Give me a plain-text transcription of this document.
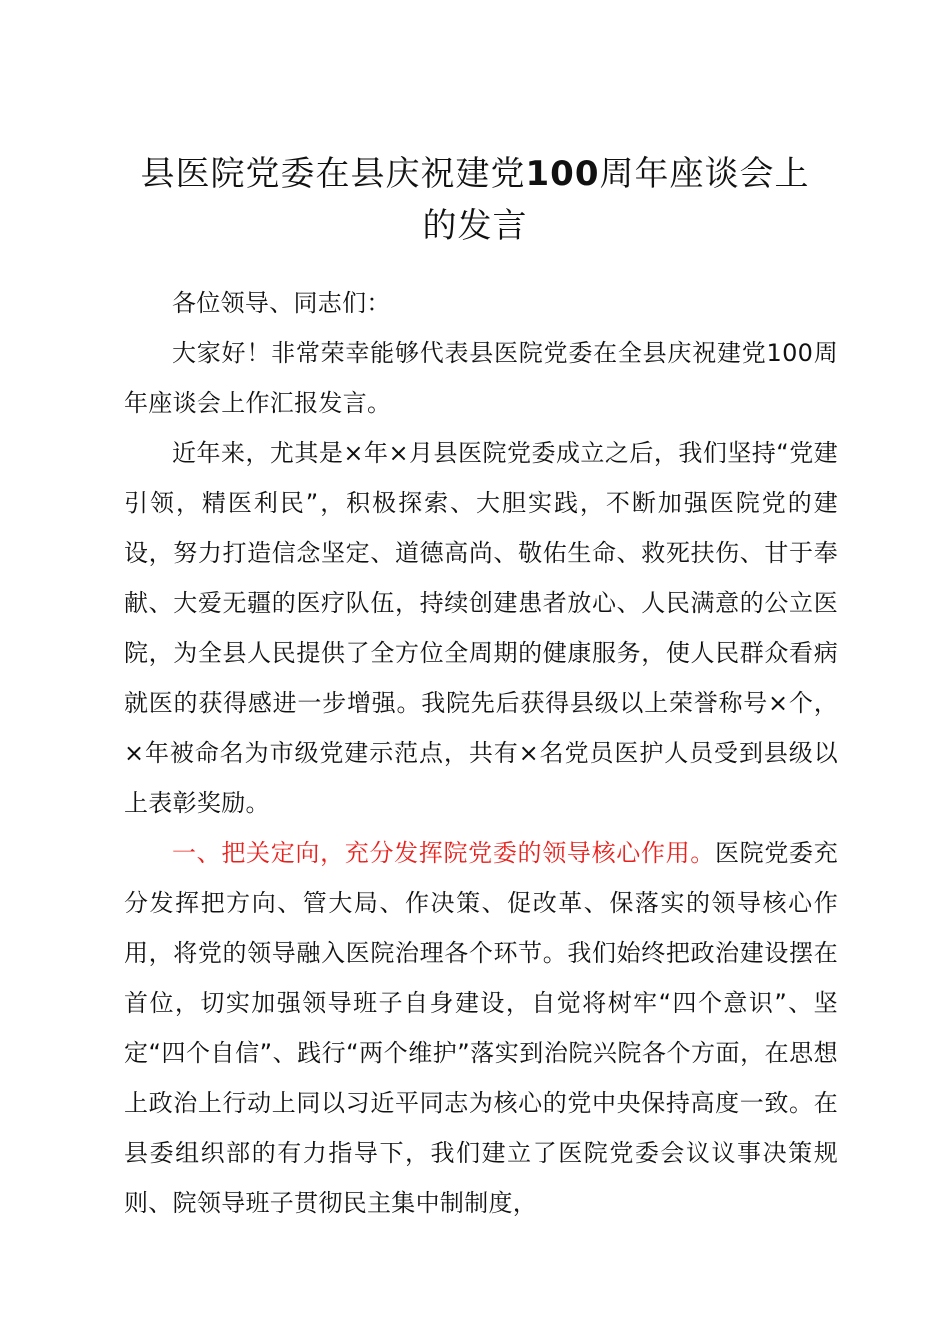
县医院党委在县庆祝建党100周年座谈会上
的发言

各位领导、同志们：

大家好！非常荣幸能够代表县医院党委在全县庆祝建党100周年座谈会上作汇报发言。

近年来，尤其是×年×月县医院党委成立之后，我们坚持“党建引领，精医利民”，积极探索、大胆实践，不断加强医院党的建设，努力打造信念坚定、道德高尚、敬佑生命、救死扶伤、甘于奉献、大爱无疆的医疗队伍，持续创建患者放心、人民满意的公立医院，为全县人民提供了全方位全周期的健康服务，使人民群众看病就医的获得感进一步增强。我院先后获得县级以上荣誉称号×个，×年被命名为市级党建示范点，共有×名党员医护人员受到县级以上表彰奖励。

一、把关定向，充分发挥院党委的领导核心作用。医院党委充分发挥把方向、管大局、作决策、促改革、保落实的领导核心作用，将党的领导融入医院治理各个环节。我们始终把政治建设摆在首位，切实加强领导班子自身建设，自觉将树牢“四个意识”、坚定“四个自信”、践行“两个维护”落实到治院兴院各个方面，在思想上政治上行动上同以习近平同志为核心的党中央保持高度一致。在县委组织部的有力指导下，我们建立了医院党委会议议事决策规则、院领导班子贯彻民主集中制制度，
